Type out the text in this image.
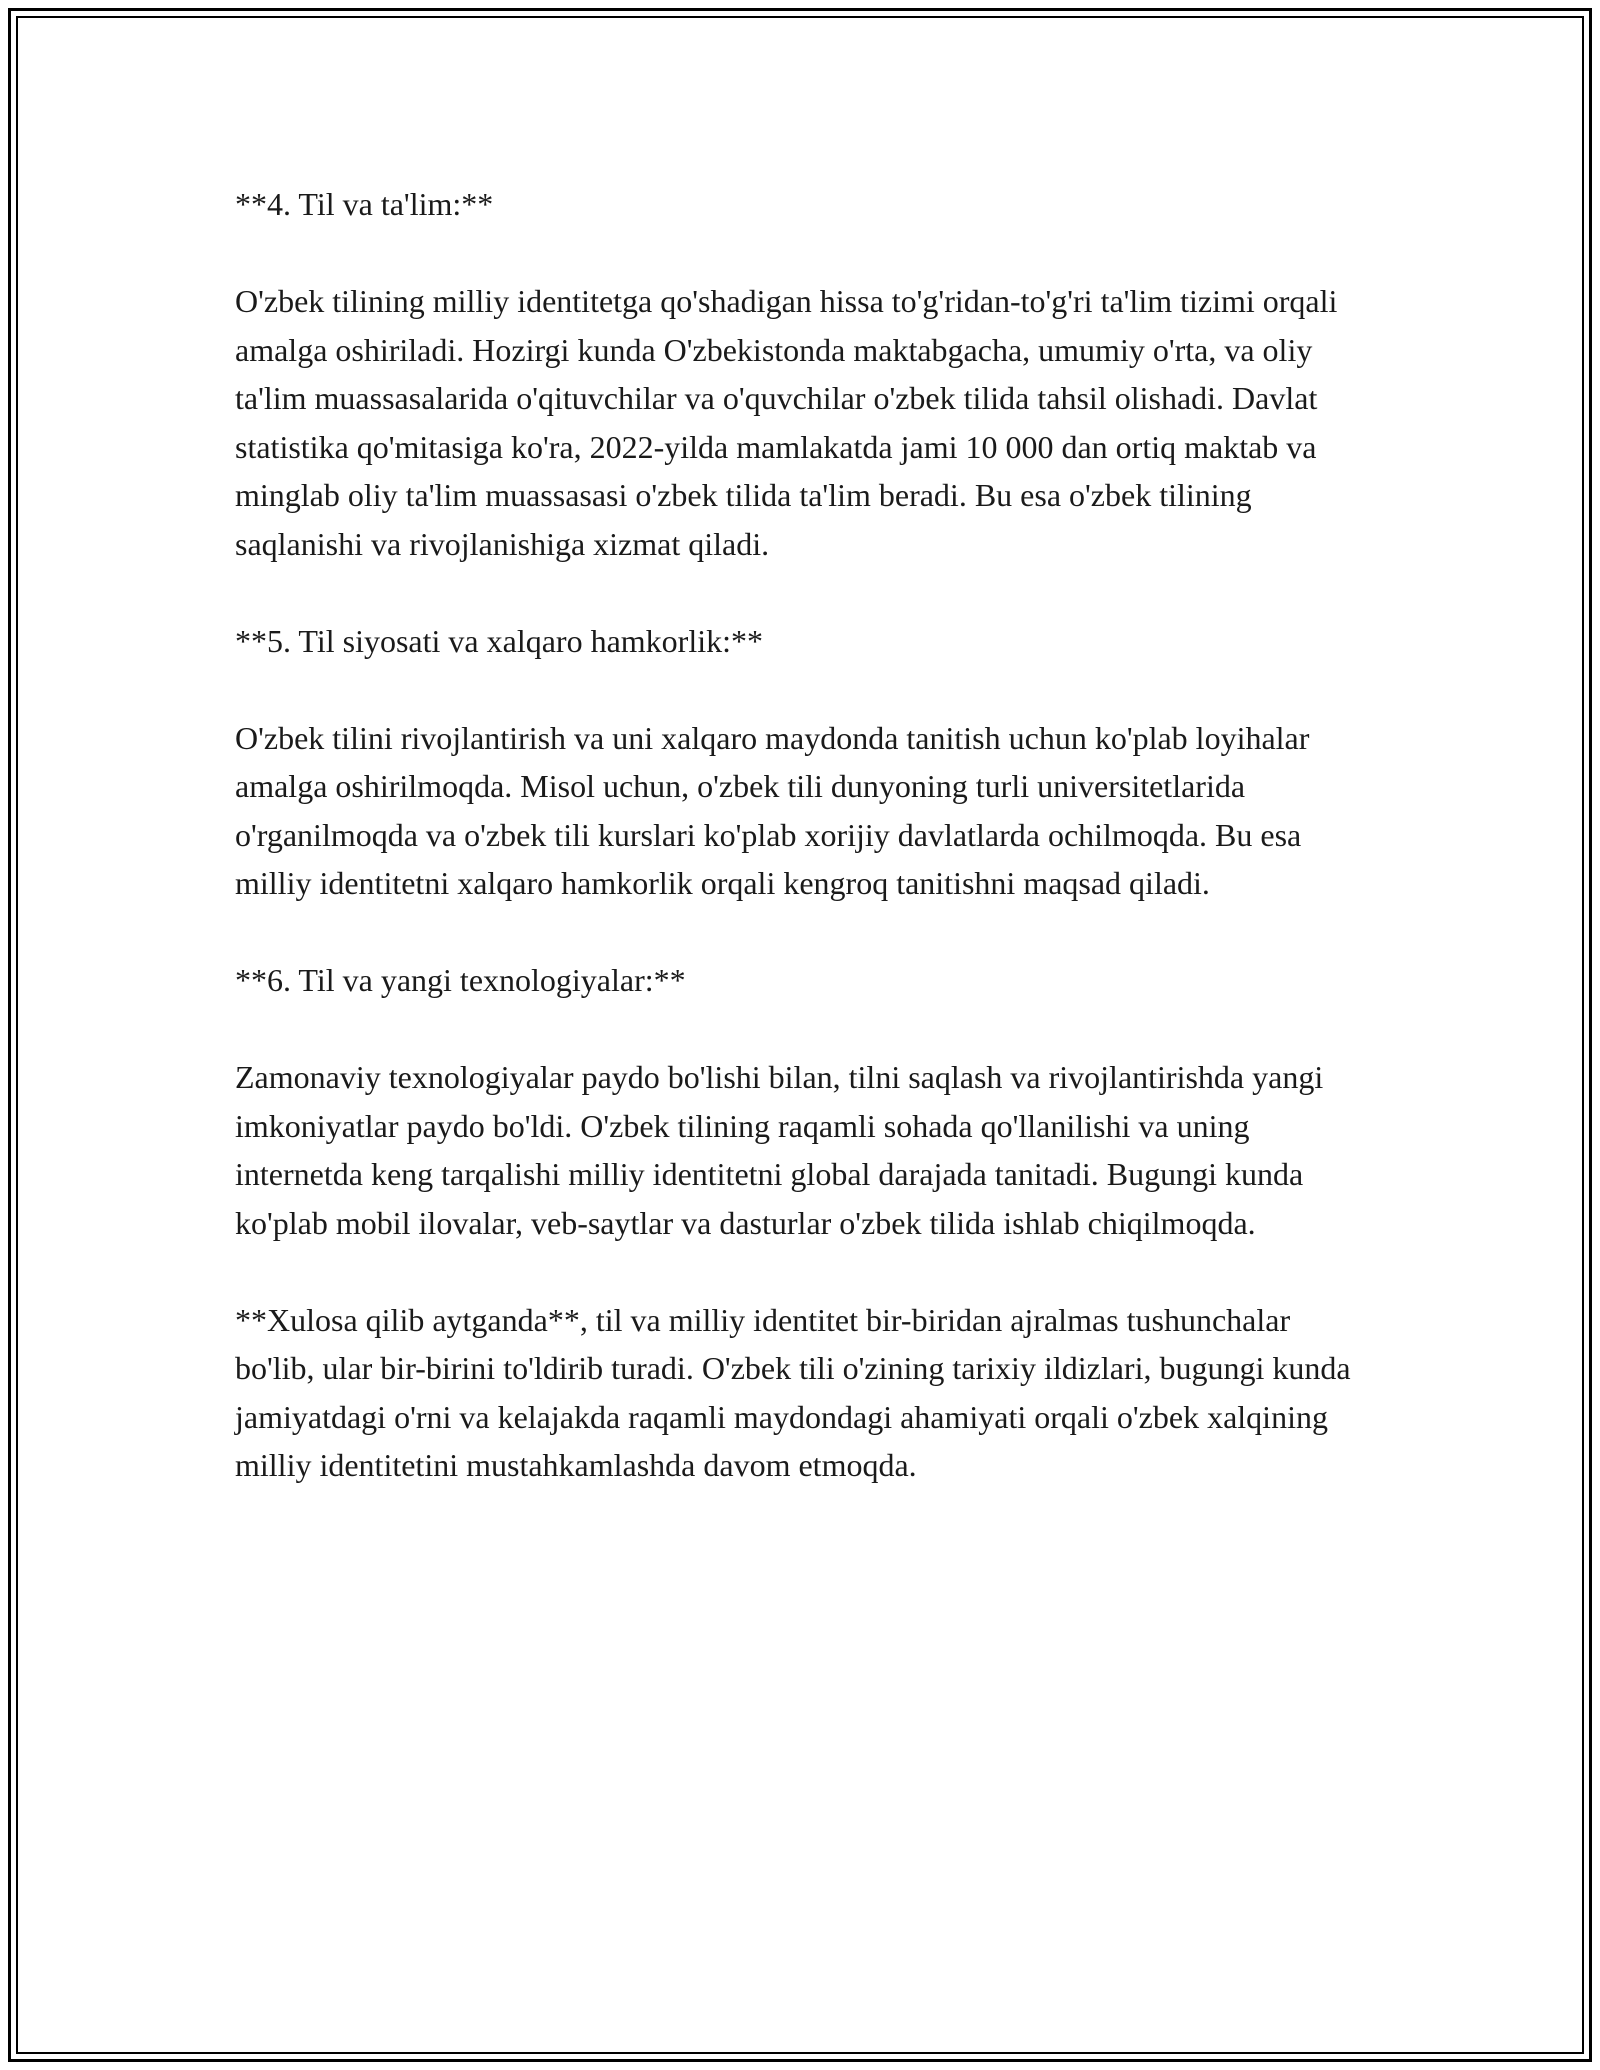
**4. Til va ta'lim:**

O'zbek tilining milliy identitetga qo'shadigan hissa to'g'ridan-to'g'ri ta'lim tizimi orqali amalga oshiriladi. Hozirgi kunda O'zbekistonda maktabgacha, umumiy o'rta, va oliy ta'lim muassasalarida o'qituvchilar va o'quvchilar o'zbek tilida tahsil olishadi. Davlat statistika qo'mitasiga ko'ra, 2022-yilda mamlakatda jami 10 000 dan ortiq maktab va minglab oliy ta'lim muassasasi o'zbek tilida ta'lim beradi. Bu esa o'zbek tilining saqlanishi va rivojlanishiga xizmat qiladi.

**5. Til siyosati va xalqaro hamkorlik:**

O'zbek tilini rivojlantirish va uni xalqaro maydonda tanitish uchun ko'plab loyihalar amalga oshirilmoqda. Misol uchun, o'zbek tili dunyoning turli universitetlarida o'rganilmoqda va o'zbek tili kurslari ko'plab xorijiy davlatlarda ochilmoqda. Bu esa milliy identitetni xalqaro hamkorlik orqali kengroq tanitishni maqsad qiladi.

**6. Til va yangi texnologiyalar:**

Zamonaviy texnologiyalar paydo bo'lishi bilan, tilni saqlash va rivojlantirishda yangi imkoniyatlar paydo bo'ldi. O'zbek tilining raqamli sohada qo'llanilishi va uning internetda keng tarqalishi milliy identitetni global darajada tanitadi. Bugungi kunda ko'plab mobil ilovalar, veb-saytlar va dasturlar o'zbek tilida ishlab chiqilmoqda.

**Xulosa qilib aytganda**, til va milliy identitet bir-biridan ajralmas tushunchalar bo'lib, ular bir-birini to'ldirib turadi. O'zbek tili o'zining tarixiy ildizlari, bugungi kunda jamiyatdagi o'rni va kelajakda raqamli maydondagi ahamiyati orqali o'zbek xalqining milliy identitetini mustahkamlashda davom etmoqda.
